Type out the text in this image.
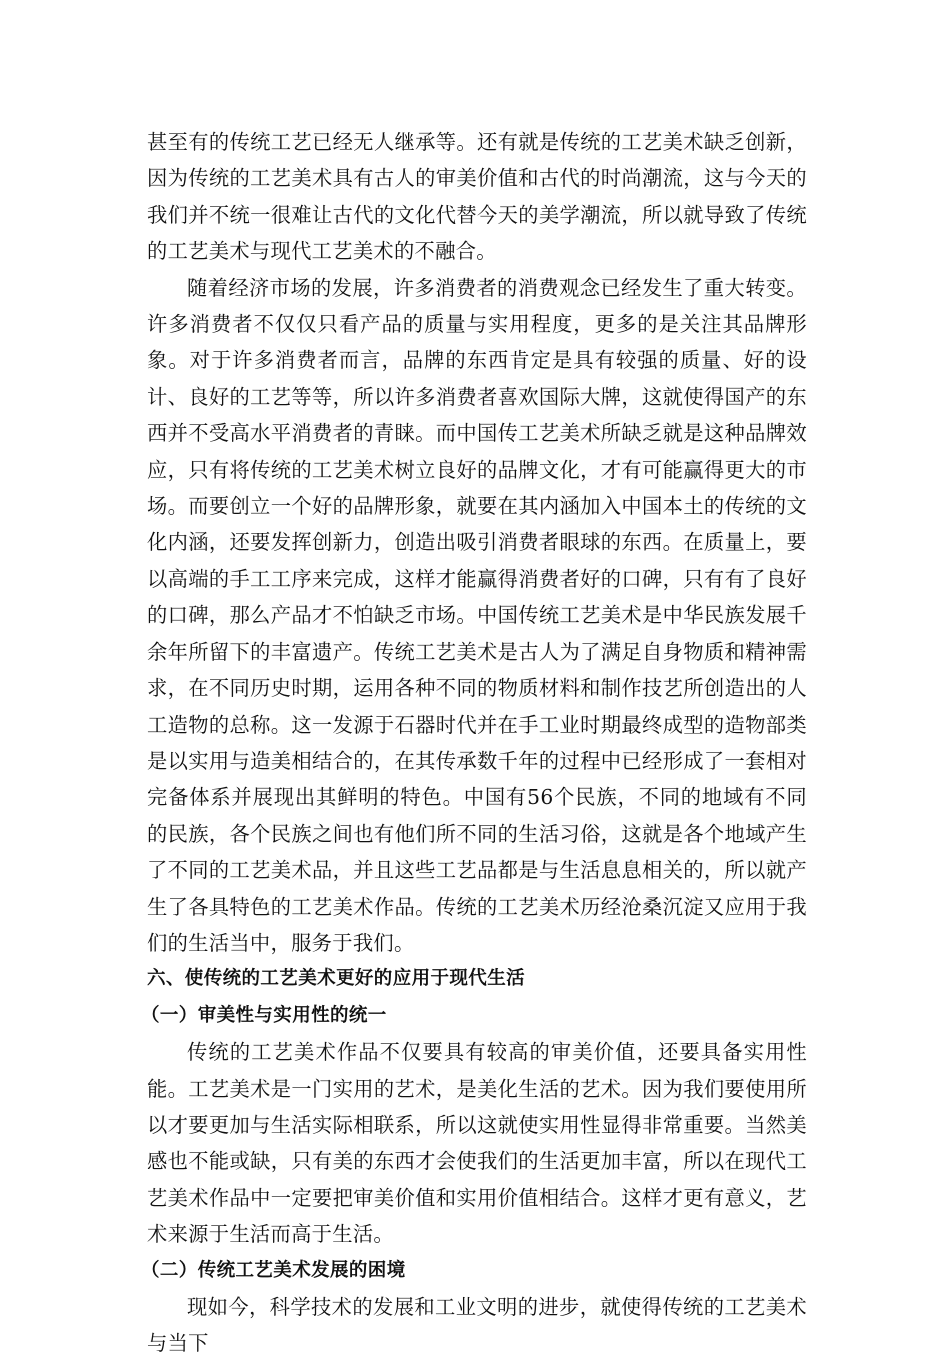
甚至有的传统工艺已经无人继承等。还有就是传统的工艺美术缺乏创新，因为传统的工艺美术具有古人的审美价值和古代的时尚潮流，这与今天的我们并不统一很难让古代的文化代替今天的美学潮流，所以就导致了传统的工艺美术与现代工艺美术的不融合。

随着经济市场的发展，许多消费者的消费观念已经发生了重大转变。许多消费者不仅仅只看产品的质量与实用程度，更多的是关注其品牌形象。对于许多消费者而言，品牌的东西肯定是具有较强的质量、好的设计、良好的工艺等等，所以许多消费者喜欢国际大牌，这就使得国产的东西并不受高水平消费者的青睐。而中国传工艺美术所缺乏就是这种品牌效应，只有将传统的工艺美术树立良好的品牌文化，才有可能赢得更大的市场。而要创立一个好的品牌形象，就要在其内涵加入中国本土的传统的文化内涵，还要发挥创新力，创造出吸引消费者眼球的东西。在质量上，要以高端的手工工序来完成，这样才能赢得消费者好的口碑，只有有了良好的口碑，那么产品才不怕缺乏市场。中国传统工艺美术是中华民族发展千余年所留下的丰富遗产。传统工艺美术是古人为了满足自身物质和精神需求，在不同历史时期，运用各种不同的物质材料和制作技艺所创造出的人工造物的总称。这一发源于石器时代并在手工业时期最终成型的造物部类是以实用与造美相结合的，在其传承数千年的过程中已经形成了一套相对完备体系并展现出其鲜明的特色。中国有56个民族，不同的地域有不同的民族，各个民族之间也有他们所不同的生活习俗，这就是各个地域产生了不同的工艺美术品，并且这些工艺品都是与生活息息相关的，所以就产生了各具特色的工艺美术作品。传统的工艺美术历经沧桑沉淀又应用于我们的生活当中，服务于我们。

六、使传统的工艺美术更好的应用于现代生活
（一）审美性与实用性的统一

传统的工艺美术作品不仅要具有较高的审美价值，还要具备实用性能。工艺美术是一门实用的艺术，是美化生活的艺术。因为我们要使用所以才要更加与生活实际相联系，所以这就使实用性显得非常重要。当然美感也不能或缺，只有美的东西才会使我们的生活更加丰富，所以在现代工艺美术作品中一定要把审美价值和实用价值相结合。这样才更有意义，艺术来源于生活而高于生活。

（二）传统工艺美术发展的困境

现如今，科学技术的发展和工业文明的进步，就使得传统的工艺美术与当下
